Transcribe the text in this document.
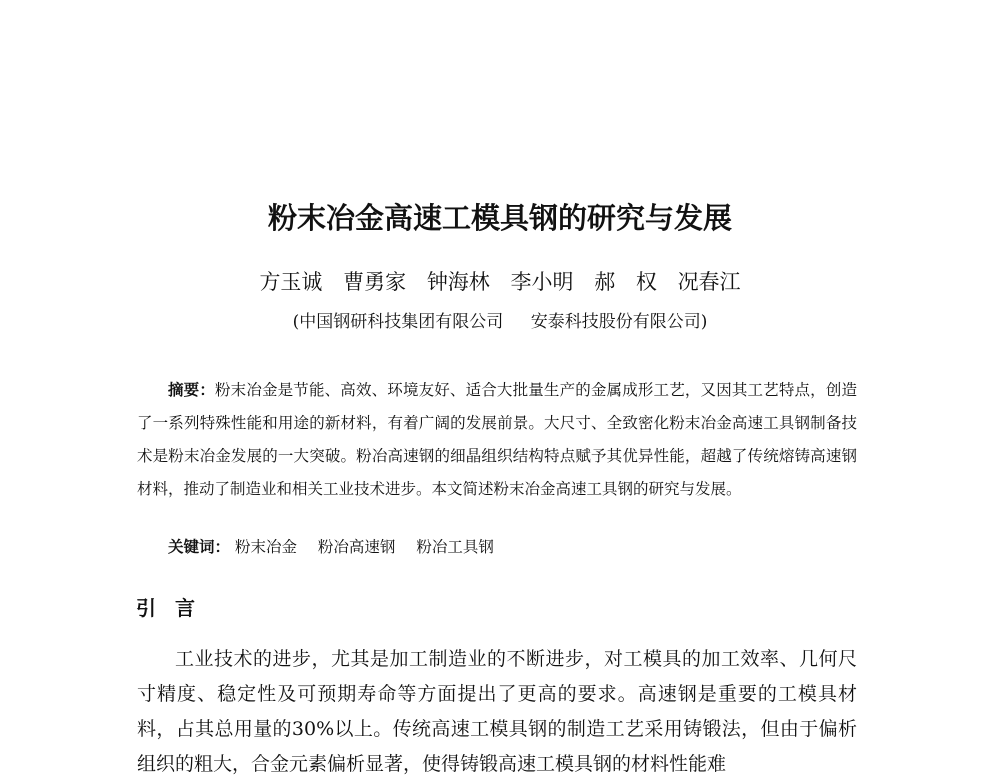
粉末冶金高速工模具钢的研究与发展
方玉诚 曹勇家 钟海林 李小明 郝 权 况春江
(中国钢研科技集团有限公司 安泰科技股份有限公司)

摘要：粉末冶金是节能、高效、环境友好、适合大批量生产的金属成形工艺，又因其工艺特点，创造了一系列特殊性能和用途的新材料，有着广阔的发展前景。大尺寸、全致密化粉末冶金高速工具钢制备技术是粉末冶金发展的一大突破。粉冶高速钢的细晶组织结构特点赋予其优异性能，超越了传统熔铸高速钢材料，推动了制造业和相关工业技术进步。本文简述粉末冶金高速工具钢的研究与发展。

关键词： 粉末冶金 粉冶高速钢 粉冶工具钢
引 言

工业技术的进步，尤其是加工制造业的不断进步，对工模具的加工效率、几何尺寸精度、稳定性及可预期寿命等方面提出了更高的要求。高速钢是重要的工模具材料，占其总用量的30%以上。传统高速工模具钢的制造工艺采用铸锻法，但由于偏析组织的粗大，合金元素偏析显著，使得铸锻高速工模具钢的材料性能难
